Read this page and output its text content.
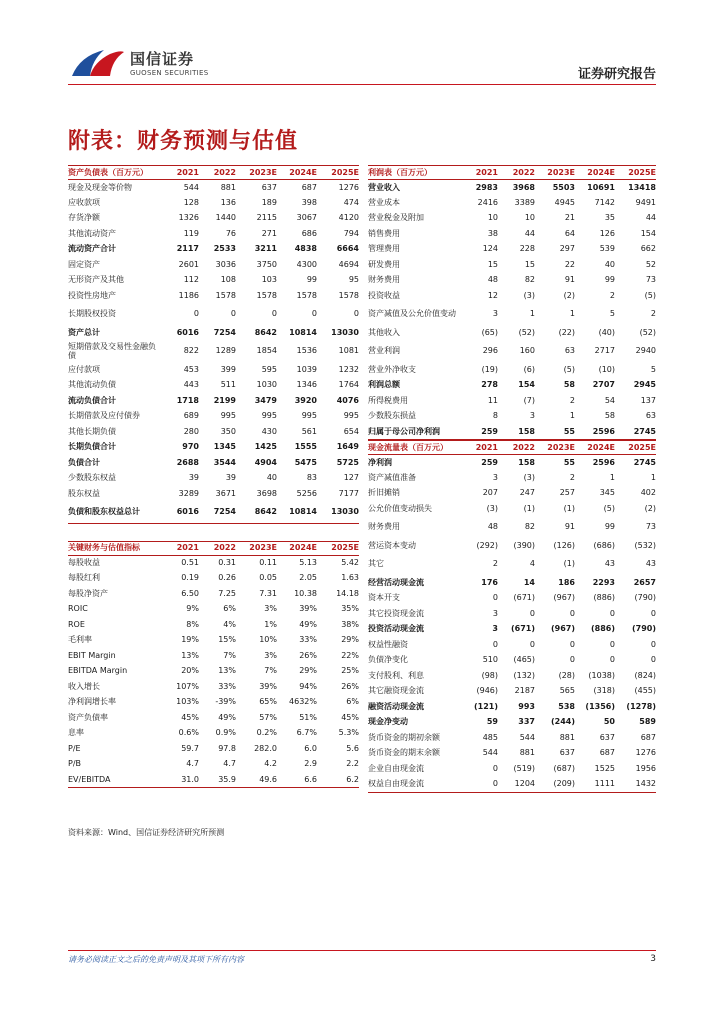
国信证券
GUOSEN SECURITIES	证券研究报告
附表：财务预测与估值
资产负债表（百万元）	2021	2022	2023E	2024E	2025E
现金及现金等价物	544	881	637	687	1276
应收款项	128	136	189	398	474
存货净额	1326	1440	2115	3067	4120
其他流动资产	119	76	271	686	794
流动资产合计	2117	2533	3211	4838	6664
固定资产	2601	3036	3750	4300	4694
无形资产及其他	112	108	103	99	95
投资性房地产	1186	1578	1578	1578	1578
长期股权投资	0	0	0	0	0
资产总计	6016	7254	8642	10814	13030
短期借款及交易性金融负债	822	1289	1854	1536	1081
应付款项	453	399	595	1039	1232
其他流动负债	443	511	1030	1346	1764
流动负债合计	1718	2199	3479	3920	4076
长期借款及应付债券	689	995	995	995	995
其他长期负债	280	350	430	561	654
长期负债合计	970	1345	1425	1555	1649
负债合计	2688	3544	4904	5475	5725
少数股东权益	39	39	40	83	127
股东权益	3289	3671	3698	5256	7177
负债和股东权益总计	6016	7254	8642	10814	13030
关键财务与估值指标	2021	2022	2023E	2024E	2025E
每股收益	0.51	0.31	0.11	5.13	5.42
每股红利	0.19	0.26	0.05	2.05	1.63
每股净资产	6.50	7.25	7.31	10.38	14.18
ROIC	9%	6%	3%	39%	35%
ROE	8%	4%	1%	49%	38%
毛利率	19%	15%	10%	33%	29%
EBIT Margin	13%	7%	3%	26%	22%
EBITDA Margin	20%	13%	7%	29%	25%
收入增长	107%	33%	39%	94%	26%
净利润增长率	103%	-39%	65%	4632%	6%
资产负债率	45%	49%	57%	51%	45%
息率	0.6%	0.9%	0.2%	6.7%	5.3%
P/E	59.7	97.8	282.0	6.0	5.6
P/B	4.7	4.7	4.2	2.9	2.2
EV/EBITDA	31.0	35.9	49.6	6.6	6.2
利润表（百万元）	2021	2022	2023E	2024E	2025E
营业收入	2983	3968	5503	10691	13418
营业成本	2416	3389	4945	7142	9491
营业税金及附加	10	10	21	35	44
销售费用	38	44	64	126	154
管理费用	124	228	297	539	662
研发费用	15	15	22	40	52
财务费用	48	82	91	99	73
投资收益	12	(3)	(2)	2	(5)
资产减值及公允价值变动	3	1	1	5	2
其他收入	(65)	(52)	(22)	(40)	(52)
营业利润	296	160	63	2717	2940
营业外净收支	(19)	(6)	(5)	(10)	5
利润总额	278	154	58	2707	2945
所得税费用	11	(7)	2	54	137
少数股东损益	8	3	1	58	63
归属于母公司净利润	259	158	55	2596	2745
现金流量表（百万元）	2021	2022	2023E	2024E	2025E
净利润	259	158	55	2596	2745
资产减值准备	3	(3)	2	1	1
折旧摊销	207	247	257	345	402
公允价值变动损失	(3)	(1)	(1)	(5)	(2)
财务费用	48	82	91	99	73
营运资本变动	(292)	(390)	(126)	(686)	(532)
其它	2	4	(1)	43	43
经营活动现金流	176	14	186	2293	2657
资本开支	0	(671)	(967)	(886)	(790)
其它投资现金流	3	0	0	0	0
投资活动现金流	3	(671)	(967)	(886)	(790)
权益性融资	0	0	0	0	0
负债净变化	510	(465)	0	0	0
支付股利、利息	(98)	(132)	(28)	(1038)	(824)
其它融资现金流	(946)	2187	565	(318)	(455)
融资活动现金流	(121)	993	538	(1356)	(1278)
现金净变动	59	337	(244)	50	589
货币资金的期初余额	485	544	881	637	687
货币资金的期末余额	544	881	637	687	1276
企业自由现金流	0	(519)	(687)	1525	1956
权益自由现金流	0	1204	(209)	1111	1432
资料来源：Wind、国信证券经济研究所预测
请务必阅读正文之后的免责声明及其项下所有内容	3
